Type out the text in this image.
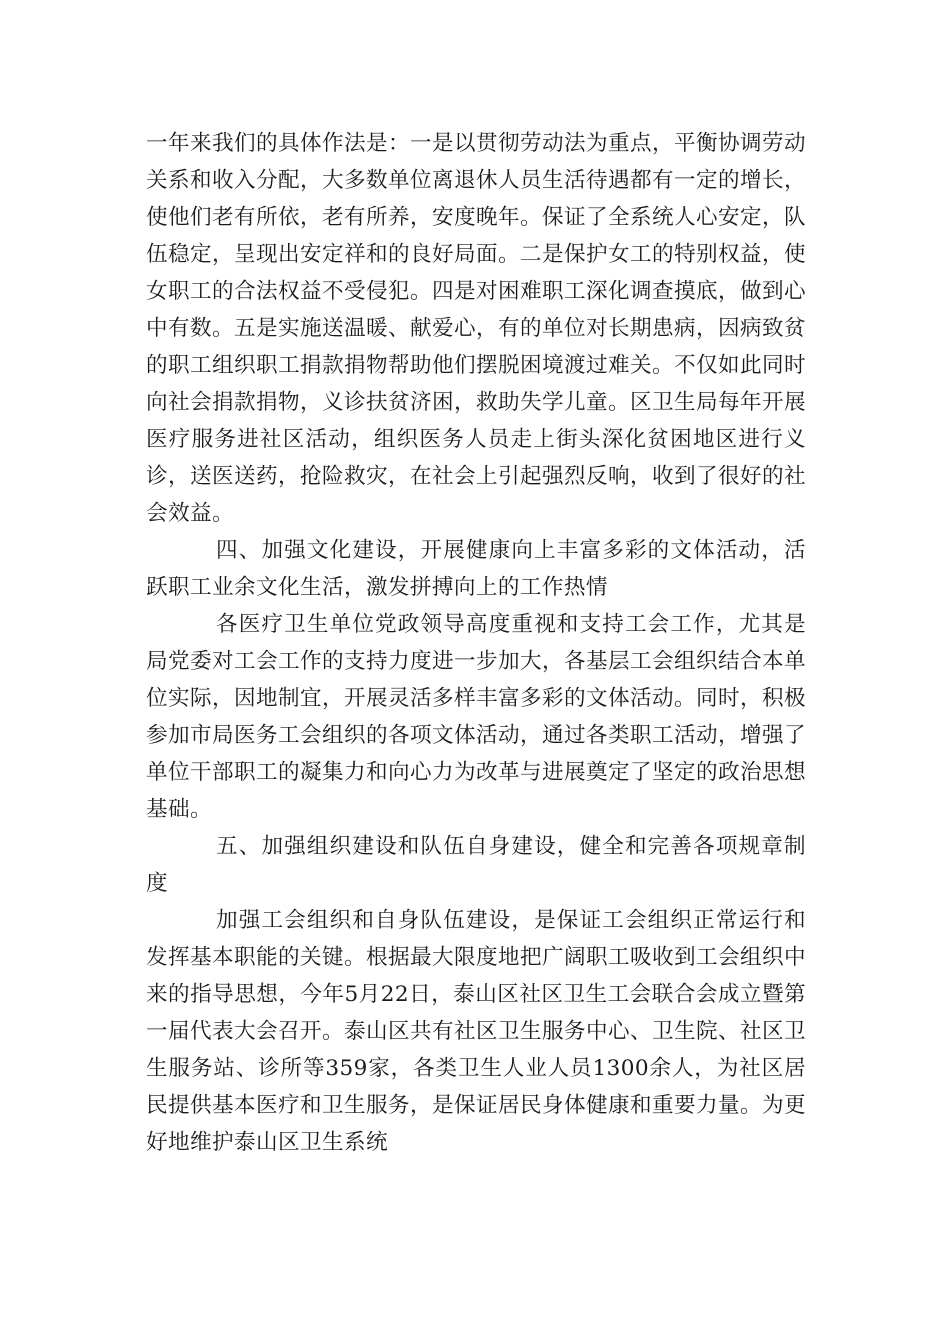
一年来我们的具体作法是：一是以贯彻劳动法为重点，平衡协调劳动关系和收入分配，大多数单位离退休人员生活待遇都有一定的增长，使他们老有所依，老有所养，安度晚年。保证了全系统人心安定，队伍稳定，呈现出安定祥和的良好局面。二是保护女工的特别权益，使女职工的合法权益不受侵犯。四是对困难职工深化调查摸底，做到心中有数。五是实施送温暖、献爱心，有的单位对长期患病，因病致贫的职工组织职工捐款捐物帮助他们摆脱困境渡过难关。不仅如此同时向社会捐款捐物，义诊扶贫济困，救助失学儿童。区卫生局每年开展医疗服务进社区活动，组织医务人员走上街头深化贫困地区进行义诊，送医送药，抢险救灾，在社会上引起强烈反响，收到了很好的社会效益。

四、加强文化建设，开展健康向上丰富多彩的文体活动，活跃职工业余文化生活，激发拼搏向上的工作热情

各医疗卫生单位党政领导高度重视和支持工会工作，尤其是局党委对工会工作的支持力度进一步加大，各基层工会组织结合本单位实际，因地制宜，开展灵活多样丰富多彩的文体活动。同时，积极参加市局医务工会组织的各项文体活动，通过各类职工活动，增强了单位干部职工的凝集力和向心力为改革与进展奠定了坚定的政治思想基础。

五、加强组织建设和队伍自身建设，健全和完善各项规章制度

加强工会组织和自身队伍建设，是保证工会组织正常运行和发挥基本职能的关键。根据最大限度地把广阔职工吸收到工会组织中来的指导思想，今年5月22日，泰山区社区卫生工会联合会成立暨第一届代表大会召开。泰山区共有社区卫生服务中心、卫生院、社区卫生服务站、诊所等359家，各类卫生人业人员1300余人，为社区居民提供基本医疗和卫生服务，是保证居民身体健康和重要力量。为更好地维护泰山区卫生系统
